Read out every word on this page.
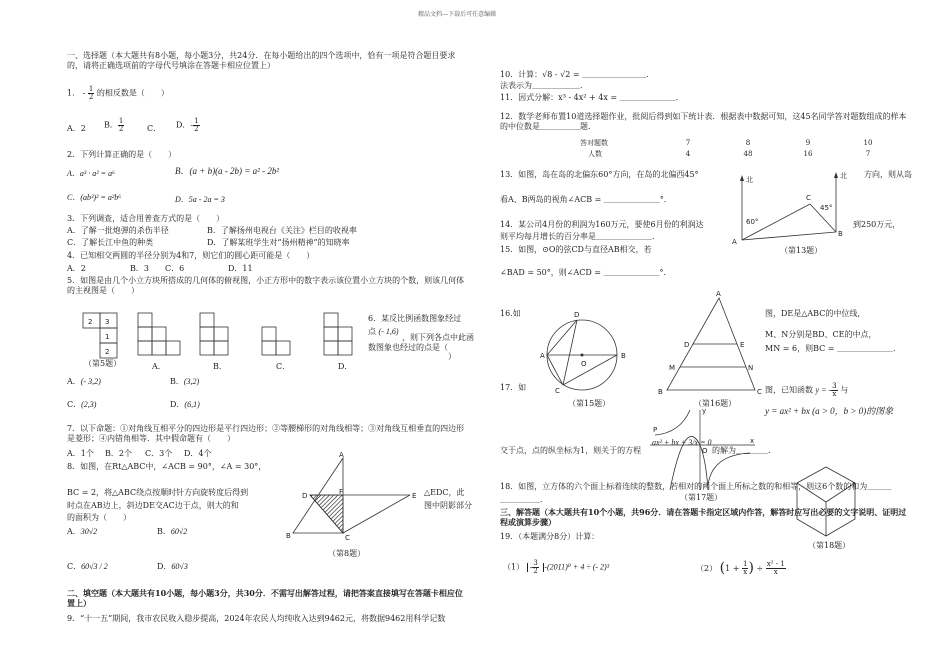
精品文档---下载后可任意编辑
一、选择题（本大题共有8小题，每小题3分，共24分．在每小题给出的四个选项中，恰有一项是符合题目要求的，请将正确选项前的字母代号填涂在答题卡相应位置上）
1． - $\frac{1}{2}$ 的相反数是（　　）
A．2 B． $\frac{1}{2}$	C． D．- $\frac{1}{2}$
2．下列计算正确的是（　　）
A．a³ · a² = a⁶	B．(a + b)(a - 2b) = a² - 2b²
C．(ab³)² = a²b⁶	D．5a - 2a = 3
3．下列调查，适合用普查方式的是（　　）
A．了解一批炮弹的杀伤半径	B．了解扬州电视台《关注》栏目的收视率
C．了解长江中鱼的种类	D．了解某班学生对“扬州精神”的知晓率
4．已知相交两圆的半径分别为4和7，则它们的圆心距可能是（　　）
A．2	B．3 C．6	D．11
5．如图是由几个小立方块所搭成的几何体的俯视图，小正方形中的数字表示该位置小立方块的个数，则该几何体的主视图是（　　）
2 3
1
2
（第5题）	A．	B．	C．	D．
6．某反比例函数图象经过
点 (- 1,6)
，则下列各点中此函
数图象也经过的点是（
）
A．(- 3,2)	B．(3,2)
C．(2,3)	D．(6,1)
7．以下命题：①对角线互相平分的四边形是平行四边形；②等腰梯形的对角线相等；③对角线互相垂直的四边形是菱形；④内错角相等．其中假命题有（　　）
A．1个 B．2个 C．3个 D．4个
8．如图，在Rt△ABC中，∠ACB = 90°，∠A = 30°，
BC = 2，将△ABC绕点按顺时针方向旋转度后得到
时点在AB边上，斜边DE交AC边于点，则大的和
的面积为（　　）
△EDC，此
图中阴影部分
A．30√2	B．60√2
C．60√3 / 2	D．60√3
A
B	C
D	E
F
（第8题）
二、填空题（本大题共有10小题，每小题3分，共30分．不需写出解答过程，请把答案直接填写在答题卡相应位置上）
9．“十一五”期间，我市农民收入稳步提高，2024年农民人均纯收入达到9462元，将数据9462用科学记数
法表示为＿＿＿＿＿＿．
10．计算：√8 - √2 = ＿＿＿＿＿＿＿＿．
11．因式分解：x³ - 4x² + 4x = ＿＿＿＿＿＿＿．
12．数学老师布置10道选择题作业，批阅后得到如下统计表．根据表中数据可知，这45名同学答对题数组成的样本的中位数是＿＿＿＿＿题．
答对题数	7	8	9	10
人数	4	48	16	7
13．如图，岛在岛的北偏东60°方向，在岛的北偏西45°	方向，则从岛
看A、B两岛的视角∠ACB = ＿＿＿＿＿＿＿°．
北	北
60°
45°
A
B
C
（第13题）
14．某公司4月份的利润为160万元，要使6月份的利润达	到250万元，
则平均每月增长的百分率是＿＿＿＿＿＿＿．
15．如图，⊙O的弦CD与直径AB相交，若
∠BAD = 50°，则∠ACD = ＿＿＿＿＿＿＿°．
A	B
C
D
O
（第15题）
16.如	图，DE是△ABC的中位线，
M、N分别是BD、CE的中点，
MN = 6，则BC = ＿＿＿＿＿＿＿．
A
B	C
D	E
M	N
（第16题）
17．如	图，已知函数 y = - $\frac{3}{x}$ 与
y = ax² + bx (a > 0，b > 0)的图象
交于点，点的纵坐标为1，则关于的方程
ax² + bx + 3/x = 0
的解为＿＿＿＿．
P
O
y
x
（第17题）
18．如图，立方体的六个面上标着连续的整数，若相对的两个面上所标之数的和相等，则这6个数的和为＿＿＿
＿＿＿＿＿．
（第18题）
三、解答题（本大题共有10个小题，共96分．请在答题卡指定区域内作答，解答时应写出必要的文字说明、证明过程或演算步骤）
19．（本题满分8分）计算：
$(1) - \frac{3}{2} -(2011)^0 + 4$ ÷ (- 2)³	（2） ($1 + \frac{1}{x}$ ) ÷ $\frac{\text{x² - 1}}{x}$
